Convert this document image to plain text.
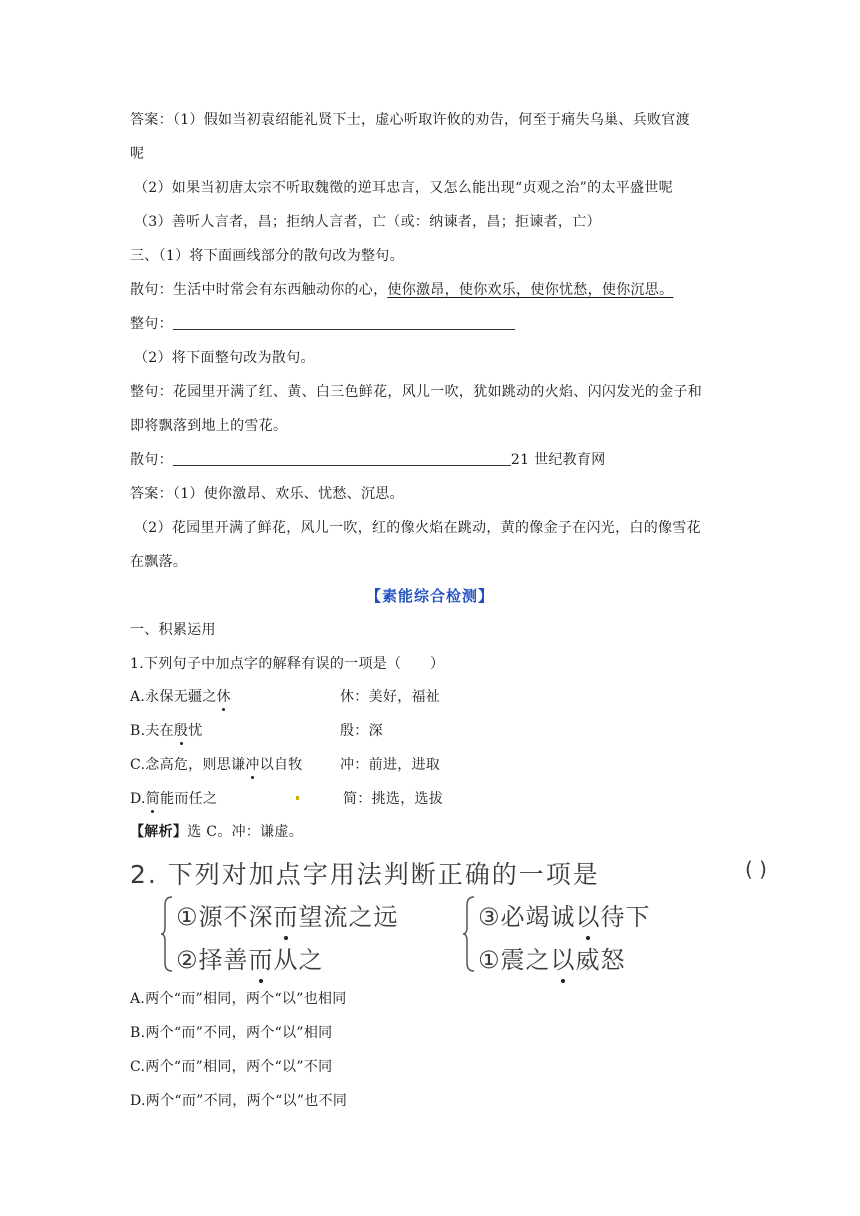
答案：（1）假如当初袁绍能礼贤下士，虚心听取许攸的劝告，何至于痛失乌巢、兵败官渡
呢
（2）如果当初唐太宗不听取魏徵的逆耳忠言，又怎么能出现“贞观之治”的太平盛世呢
（3）善听人言者，昌；拒纳人言者，亡（或：纳谏者，昌；拒谏者，亡）
三、（1）将下面画线部分的散句改为整句。
散句：生活中时常会有东西触动你的心，使你激昂，使你欢乐，使你忧愁，使你沉思。
整句：
（2）将下面整句改为散句。
整句：花园里开满了红、黄、白三色鲜花，风儿一吹，犹如跳动的火焰、闪闪发光的金子和
即将飘落到地上的雪花。
散句：	21 世纪教育网
答案：（1）使你激昂、欢乐、忧愁、沉思。
（2）花园里开满了鲜花，风儿一吹，红的像火焰在跳动，黄的像金子在闪光，白的像雪花
在飘落。
【素能综合检测】
一、积累运用
1.下列句子中加点字的解释有误的一项是（　　）
A.永保无疆之休	休：美好，福祉
B.夫在殷忧	殷：深
C.念高危，则思谦冲以自牧	冲：前进，进取
D.简能而任之	简：挑选，选拔
【解析】选 C。冲：谦虚。
2. 下列对加点字用法判断正确的一项是	( )
①源不深而望流之远
②择善而从之
③必竭诚以待下
①震之以威怒
A.两个“而”相同，两个“以”也相同
B.两个“而”不同，两个“以”相同
C.两个“而”相同，两个“以”不同
D.两个“而”不同，两个“以”也不同
